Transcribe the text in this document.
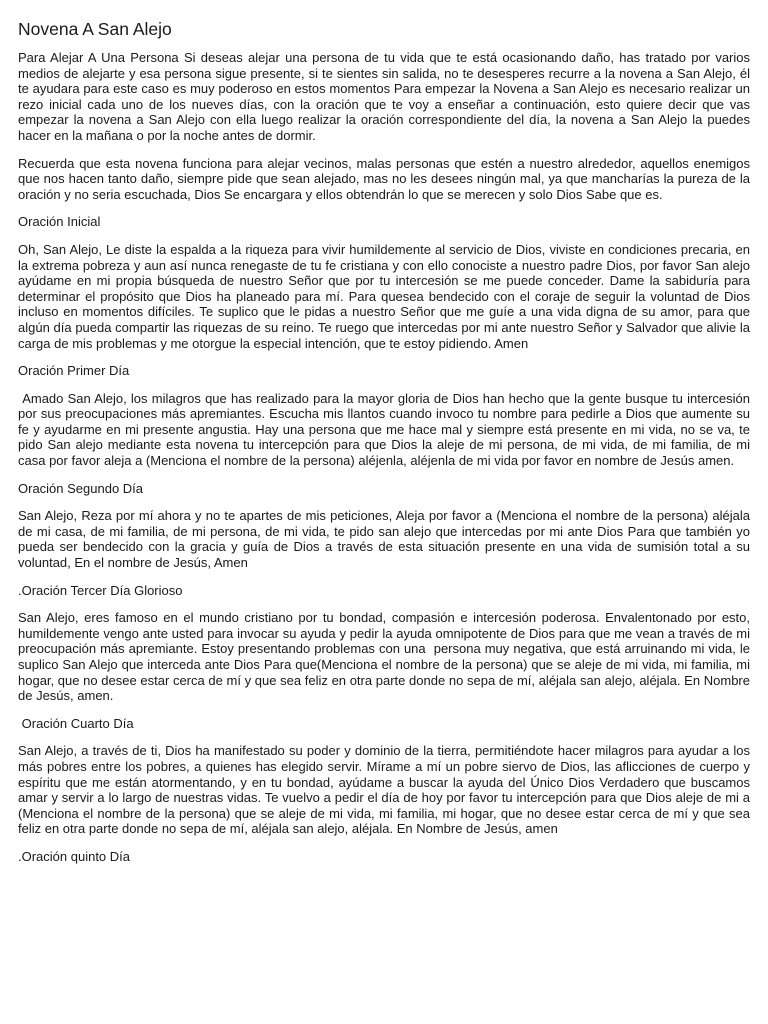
Novena A San Alejo

Para Alejar A Una Persona Si deseas alejar una persona de tu vida que te está ocasionando daño, has tratado por varios medios de alejarte y esa persona sigue presente, si te sientes sin salida, no te desesperes recurre a la novena a San Alejo, él te ayudara para este caso es muy poderoso en estos momentos Para empezar la Novena a San Alejo es necesario realizar un rezo inicial cada uno de los nueves días, con la oración que te voy a enseñar a continuación, esto quiere decir que vas empezar la novena a San Alejo con ella luego realizar la oración correspondiente del día, la novena a San Alejo la puedes hacer en la mañana o por la noche antes de dormir.

Recuerda que esta novena funciona para alejar vecinos, malas personas que estén a nuestro alrededor, aquellos enemigos que nos hacen tanto daño, siempre pide que sean alejado, mas no les desees ningún mal, ya que mancharías la pureza de la oración y no seria escuchada, Dios Se encargara y ellos obtendrán lo que se merecen y solo Dios Sabe que es.

Oración Inicial

Oh, San Alejo, Le diste la espalda a la riqueza para vivir humildemente al servicio de Dios, viviste en condiciones precaria, en la extrema pobreza y aun así nunca renegaste de tu fe cristiana y con ello conociste a nuestro padre Dios, por favor San alejo ayúdame en mi propia búsqueda de nuestro Señor que por tu intercesión se me puede conceder. Dame la sabiduría para determinar el propósito que Dios ha planeado para mí. Para quesea bendecido con el coraje de seguir la voluntad de Dios incluso en momentos difíciles. Te suplico que le pidas a nuestro Señor que me guíe a una vida digna de su amor, para que algún día pueda compartir las riquezas de su reino. Te ruego que intercedas por mi ante nuestro Señor y Salvador que alivie la carga de mis problemas y me otorgue la especial intención, que te estoy pidiendo. Amen

Oración Primer Día

Amado San Alejo, los milagros que has realizado para la mayor gloria de Dios han hecho que la gente busque tu intercesión por sus preocupaciones más apremiantes. Escucha mis llantos cuando invoco tu nombre para pedirle a Dios que aumente su fe y ayudarme en mi presente angustia. Hay una persona que me hace mal y siempre está presente en mi vida, no se va, te pido San alejo mediante esta novena tu intercepción para que Dios la aleje de mi persona, de mi vida, de mi familia, de mi casa por favor aleja a (Menciona el nombre de la persona) aléjenla, aléjenla de mi vida por favor en nombre de Jesús amen.

Oración Segundo Día

San Alejo, Reza por mí ahora y no te apartes de mis peticiones, Aleja por favor a (Menciona el nombre de la persona) aléjala de mi casa, de mi familia, de mi persona, de mi vida, te pido san alejo que intercedas por mi ante Dios Para que también yo pueda ser bendecido con la gracia y guía de Dios a través de esta situación presente en una vida de sumisión total a su voluntad, En el nombre de Jesús, Amen

.Oración Tercer Día Glorioso

San Alejo, eres famoso en el mundo cristiano por tu bondad, compasión e intercesión poderosa. Envalentonado por esto, humildemente vengo ante usted para invocar su ayuda y pedir la ayuda omnipotente de Dios para que me vean a través de mi preocupación más apremiante. Estoy presentando problemas con una  persona muy negativa, que está arruinando mi vida, le suplico San Alejo que interceda ante Dios Para que(Menciona el nombre de la persona) que se aleje de mi vida, mi familia, mi hogar, que no desee estar cerca de mí y que sea feliz en otra parte donde no sepa de mí, aléjala san alejo, aléjala. En Nombre de Jesús, amen.

Oración Cuarto Día

San Alejo, a través de ti, Dios ha manifestado su poder y dominio de la tierra, permitiéndote hacer milagros para ayudar a los más pobres entre los pobres, a quienes has elegido servir. Mírame a mí un pobre siervo de Dios, las aflicciones de cuerpo y espíritu que me están atormentando, y en tu bondad, ayúdame a buscar la ayuda del Único Dios Verdadero que buscamos amar y servir a lo largo de nuestras vidas. Te vuelvo a pedir el día de hoy por favor tu intercepción para que Dios aleje de mi a (Menciona el nombre de la persona) que se aleje de mi vida, mi familia, mi hogar, que no desee estar cerca de mí y que sea feliz en otra parte donde no sepa de mí, aléjala san alejo, aléjala. En Nombre de Jesús, amen

.Oración quinto Día
